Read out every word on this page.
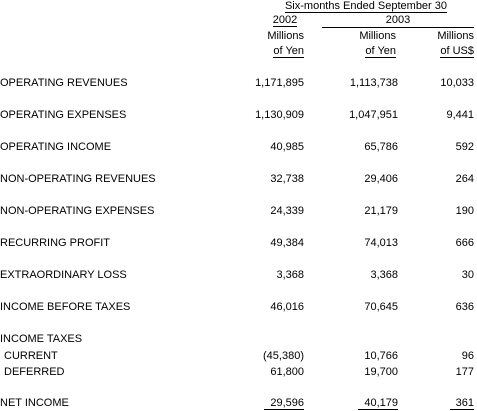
Six-months Ended September 30
2002	2003
Millions
of Yen
Millions
of Yen
Millions
of US$
OPERATING REVENUES	1,171,895	1,113,738	10,033
OPERATING EXPENSES	1,130,909	1,047,951	9,441
OPERATING INCOME	40,985	65,786	592
NON-OPERATING REVENUES	32,738	29,406	264
NON-OPERATING EXPENSES	24,339	21,179	190
RECURRING PROFIT	49,384	74,013	666
EXTRAORDINARY LOSS	3,368	3,368	30
INCOME BEFORE TAXES	46,016	70,645	636
INCOME TAXES
CURRENT	(45,380)	10,766	96
DEFERRED	61,800	19,700	177
NET INCOME	29,596	40,179	361
